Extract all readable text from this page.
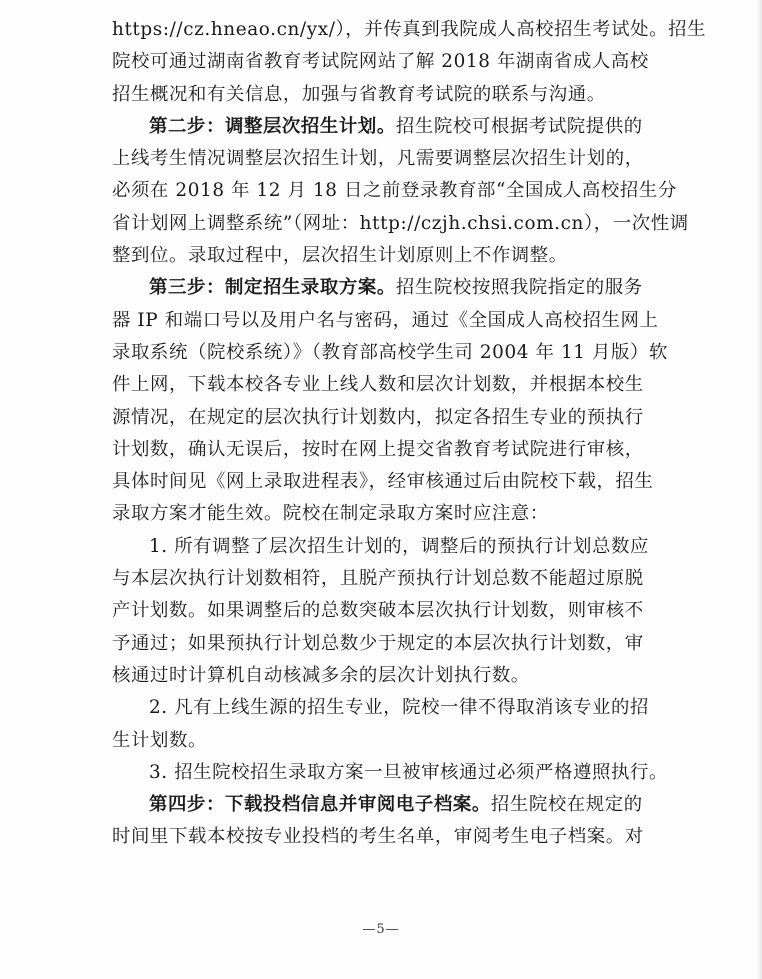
https://cz.hneao.cn/yx/），并传真到我院成人高校招生考试处。招生
院校可通过湖南省教育考试院网站了解 2018 年湖南省成人高校
招生概况和有关信息，加强与省教育考试院的联系与沟通。
第二步：调整层次招生计划。招生院校可根据考试院提供的
上线考生情况调整层次招生计划，凡需要调整层次招生计划的，
必须在 2018 年 12 月 18 日之前登录教育部“全国成人高校招生分
省计划网上调整系统”（网址：http://czjh.chsi.com.cn），一次性调
整到位。录取过程中，层次招生计划原则上不作调整。
第三步：制定招生录取方案。招生院校按照我院指定的服务
器 IP 和端口号以及用户名与密码，通过《全国成人高校招生网上
录取系统（院校系统）》（教育部高校学生司 2004 年 11 月版）软
件上网，下载本校各专业上线人数和层次计划数，并根据本校生
源情况，在规定的层次执行计划数内，拟定各招生专业的预执行
计划数，确认无误后，按时在网上提交省教育考试院进行审核，
具体时间见《网上录取进程表》，经审核通过后由院校下载，招生
录取方案才能生效。院校在制定录取方案时应注意：
1. 所有调整了层次招生计划的，调整后的预执行计划总数应
与本层次执行计划数相符，且脱产预执行计划总数不能超过原脱
产计划数。如果调整后的总数突破本层次执行计划数，则审核不
予通过；如果预执行计划总数少于规定的本层次执行计划数，审
核通过时计算机自动核减多余的层次计划执行数。
2. 凡有上线生源的招生专业，院校一律不得取消该专业的招
生计划数。
3. 招生院校招生录取方案一旦被审核通过必须严格遵照执行。
第四步：下载投档信息并审阅电子档案。招生院校在规定的
时间里下载本校按专业投档的考生名单，审阅考生电子档案。对
—5—
